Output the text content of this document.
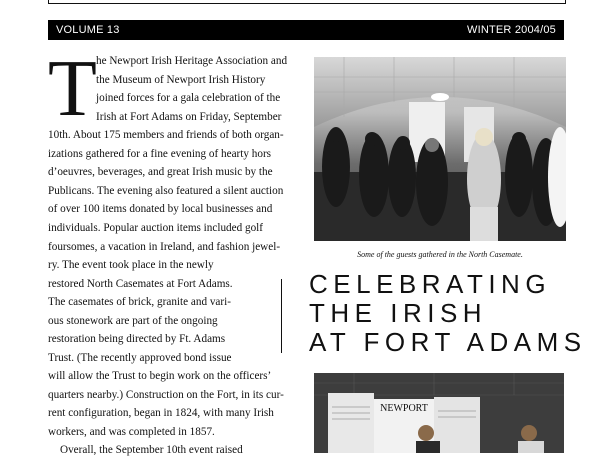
VOLUME 13	WINTER 2004/05
T he Newport Irish Heritage Association and
the Museum of Newport Irish History
joined forces for a gala celebration of the
Irish at Fort Adams on Friday, September

10th. About 175 members and friends of both organ-
izations gathered for a fine evening of hearty hors
d’oeuvres, beverages, and great Irish music by the
Publicans. The evening also featured a silent auction
of over 100 items donated by local businesses and
individuals. Popular auction items included golf
foursomes, a vacation in Ireland, and fashion jewel-

ry. The event took place in the newly
restored North Casemates at Fort Adams.
The casemates of brick, granite and vari-
ous stonework are part of the ongoing
restoration being directed by Ft. Adams
Trust. (The recently approved bond issue

will allow the Trust to begin work on the officers’
quarters nearby.) Construction on the Fort, in its cur-
rent configuration, began in 1824, with many Irish
workers, and was completed in 1857.
Overall, the September 10th event raised

CELEBRATING
THE IRISH
AT FORT ADAMS
Some of the guests gathered in the North Casemate.
NEWPORT
